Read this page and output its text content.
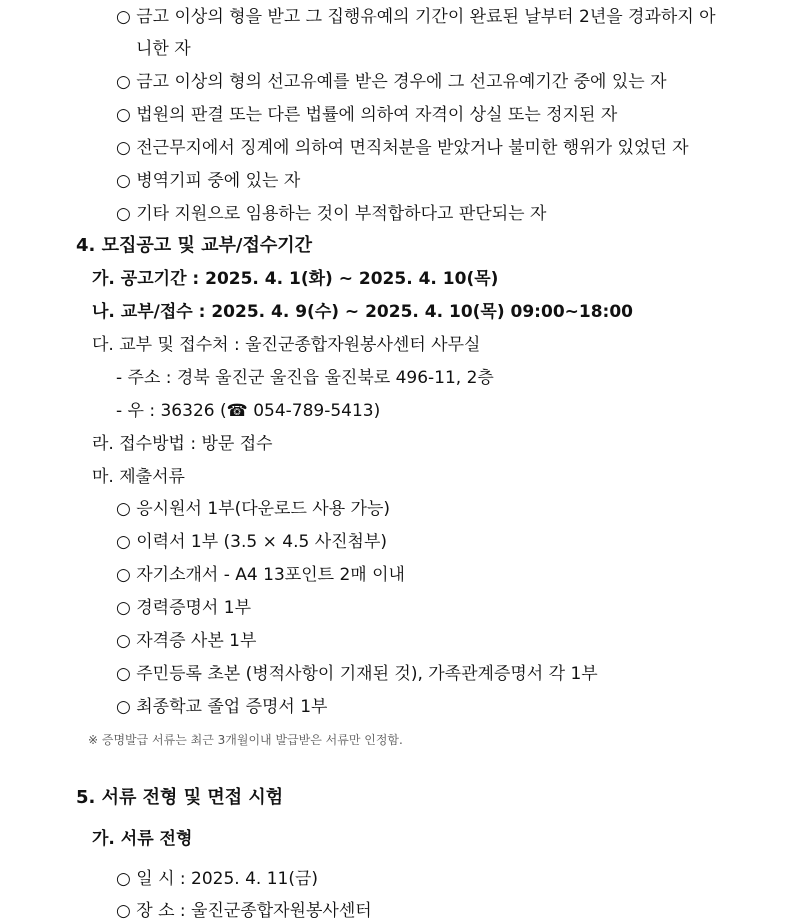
○ 금고 이상의 형을 받고 그 집행유예의 기간이 완료된 날부터 2년을 경과하지 아
니한 자
○ 금고 이상의 형의 선고유예를 받은 경우에 그 선고유예기간 중에 있는 자
○ 법원의 판결 또는 다른 법률에 의하여 자격이 상실 또는 정지된 자
○ 전근무지에서 징계에 의하여 면직처분을 받았거나 불미한 행위가 있었던 자
○ 병역기피 중에 있는 자
○ 기타 지원으로 임용하는 것이 부적합하다고 판단되는 자
4. 모집공고 및 교부/접수기간
가. 공고기간 : 2025. 4. 1(화) ~ 2025. 4. 10(목)
나. 교부/접수 : 2025. 4. 9(수) ~ 2025. 4. 10(목) 09:00~18:00
다. 교부 및 접수처 : 울진군종합자원봉사센터 사무실
- 주소 : 경북 울진군 울진읍 울진북로 496-11, 2층
- 우 : 36326 (☎ 054-789-5413)
라. 접수방법 : 방문 접수
마. 제출서류
○ 응시원서 1부(다운로드 사용 가능)
○ 이력서 1부 (3.5 × 4.5 사진첨부)
○ 자기소개서 - A4 13포인트 2매 이내
○ 경력증명서 1부
○ 자격증 사본 1부
○ 주민등록 초본 (병적사항이 기재된 것), 가족관계증명서 각 1부
○ 최종학교 졸업 증명서 1부
※ 증명발급 서류는 최근 3개월이내 발급받은 서류만 인정함.
5. 서류 전형 및 면접 시험
가. 서류 전형
○ 일 시 : 2025. 4. 11(금)
○ 장 소 : 울진군종합자원봉사센터
